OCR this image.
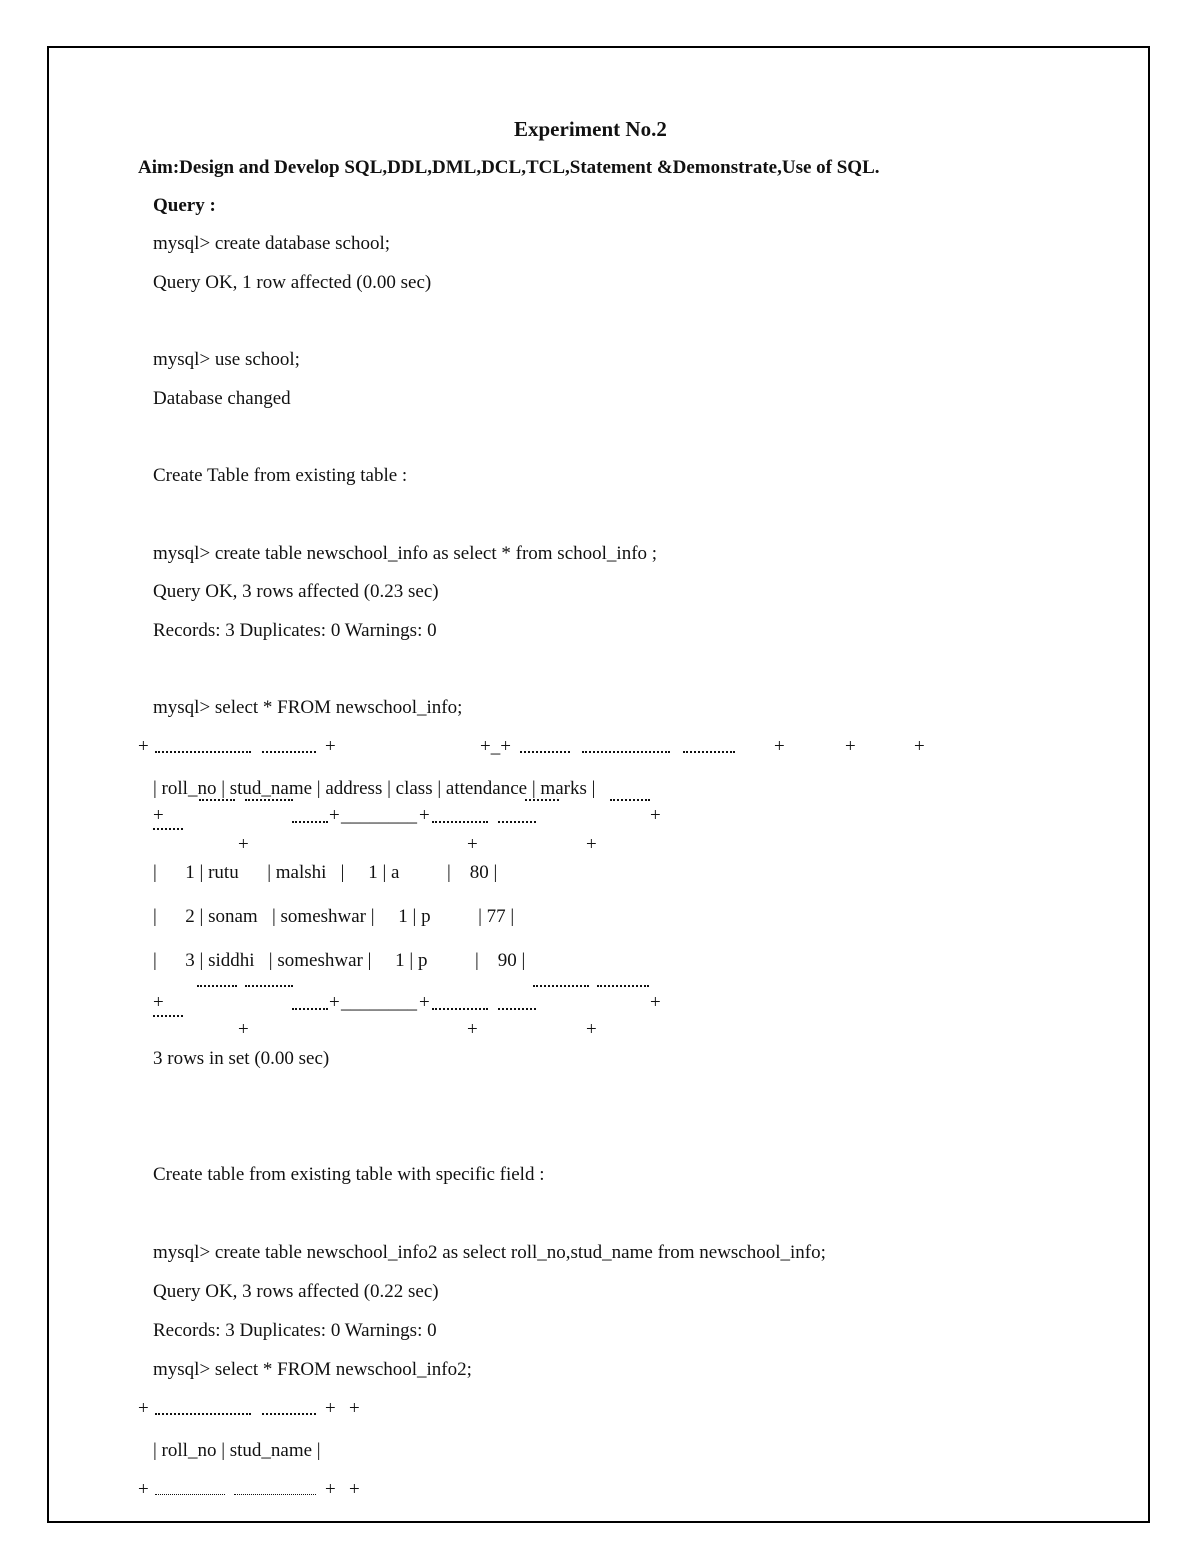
Experiment No.2
Aim:Design and Develop SQL,DDL,DML,DCL,TCL,Statement &Demonstrate,Use of SQL.
Query :
mysql> create database school;
Query OK, 1 row affected (0.00 sec)
mysql> use school;
Database changed
Create Table from existing table :
mysql> create table newschool_info as select * from school_info ;
Query OK, 3 rows affected (0.23 sec)
Records: 3 Duplicates: 0 Warnings: 0
mysql> select * FROM newschool_info;
+	+	+_+	+	+	+
| roll_no | stud_name | address | class | attendance | marks |
+	+ ________ +	+
+	+	+
|      1 | rutu      | malshi   |     1 | a          |    80 |
|      2 | sonam   | someshwar |     1 | p          | 77 |
|      3 | siddhi   | someshwar |     1 | p          |    90 |
+	+ ________ +	+
+	+	+
3 rows in set (0.00 sec)
Create table from existing table with specific field :
mysql> create table newschool_info2 as select roll_no,stud_name from newschool_info;
Query OK, 3 rows affected (0.22 sec)
Records: 3 Duplicates: 0 Warnings: 0
mysql> select * FROM newschool_info2;
+	+ +
| roll_no | stud_name |
+	+ +
